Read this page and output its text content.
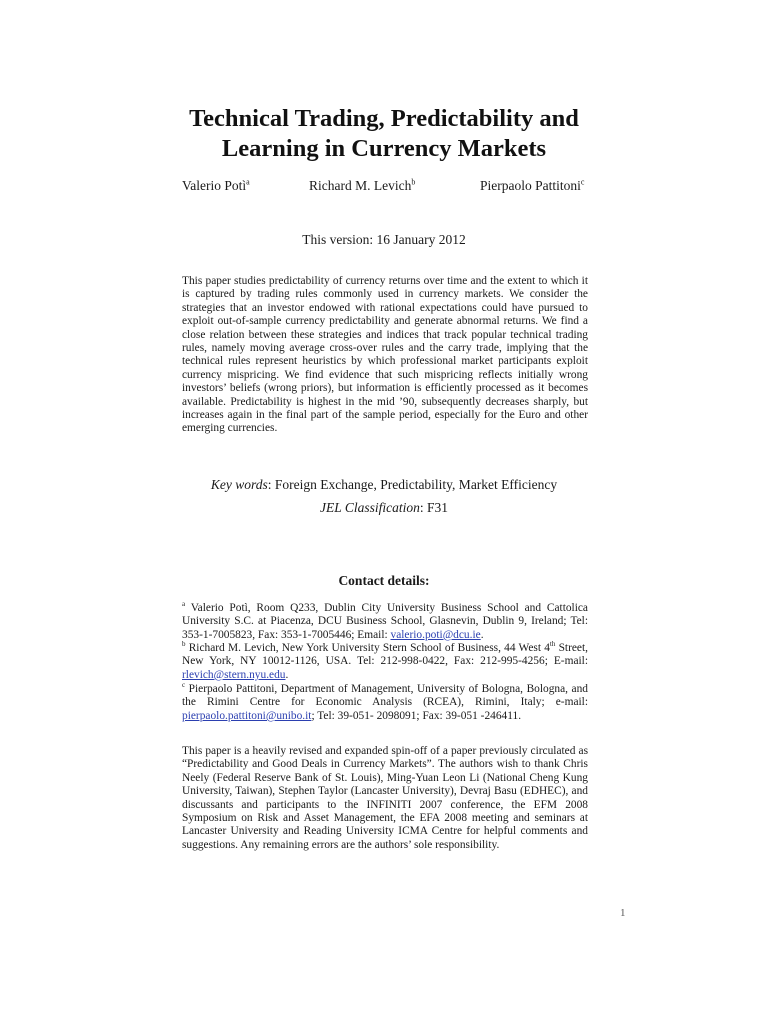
Technical Trading, Predictability and Learning in Currency Markets
Valerio Potì$^a$	Richard M. Levich$^b$	Pierpaolo Pattitoni$^c$
This version: 16 January 2012

This paper studies predictability of currency returns over time and the extent to which it is captured by trading rules commonly used in currency markets. We consider the strategies that an investor endowed with rational expectations could have pursued to exploit out-of-sample currency predictability and generate abnormal returns. We find a close relation between these strategies and indices that track popular technical trading rules, namely moving average cross-over rules and the carry trade, implying that the technical rules represent heuristics by which professional market participants exploit currency mispricing. We find evidence that such mispricing reflects initially wrong investors’ beliefs (wrong priors), but information is efficiently processed as it becomes available. Predictability is highest in the mid ’90, subsequently decreases sharply, but increases again in the final part of the sample period, especially for the Euro and other emerging currencies.

Key words: Foreign Exchange, Predictability, Market Efficiency
JEL Classification: F31
Contact details:

$^a$ Valerio Potì, Room Q233, Dublin City University Business School and Cattolica University S.C. at Piacenza, DCU Business School, Glasnevin, Dublin 9, Ireland; Tel: 353-1-7005823, Fax: 353-1-7005446; Email: valerio.poti@dcu.ie.

$^b$ Richard M. Levich, New York University Stern School of Business, 44 West 4th Street, New York, NY 10012-1126, USA. Tel: 212-998-0422, Fax: 212-995-4256; E-mail: rlevich@stern.nyu.edu.

$^c$ Pierpaolo Pattitoni, Department of Management, University of Bologna, Bologna, and the Rimini Centre for Economic Analysis (RCEA), Rimini, Italy; e-mail: pierpaolo.pattitoni@unibo.it; Tel: 39-051- 2098091; Fax: 39-051 -246411.

This paper is a heavily revised and expanded spin-off of a paper previously circulated as “Predictability and Good Deals in Currency Markets”. The authors wish to thank Chris Neely (Federal Reserve Bank of St. Louis), Ming-Yuan Leon Li (National Cheng Kung University, Taiwan), Stephen Taylor (Lancaster University), Devraj Basu (EDHEC), and discussants and participants to the INFINITI 2007 conference, the EFM 2008 Symposium on Risk and Asset Management, the EFA 2008 meeting and seminars at Lancaster University and Reading University ICMA Centre for helpful comments and suggestions. Any remaining errors are the authors’ sole responsibility.

1
